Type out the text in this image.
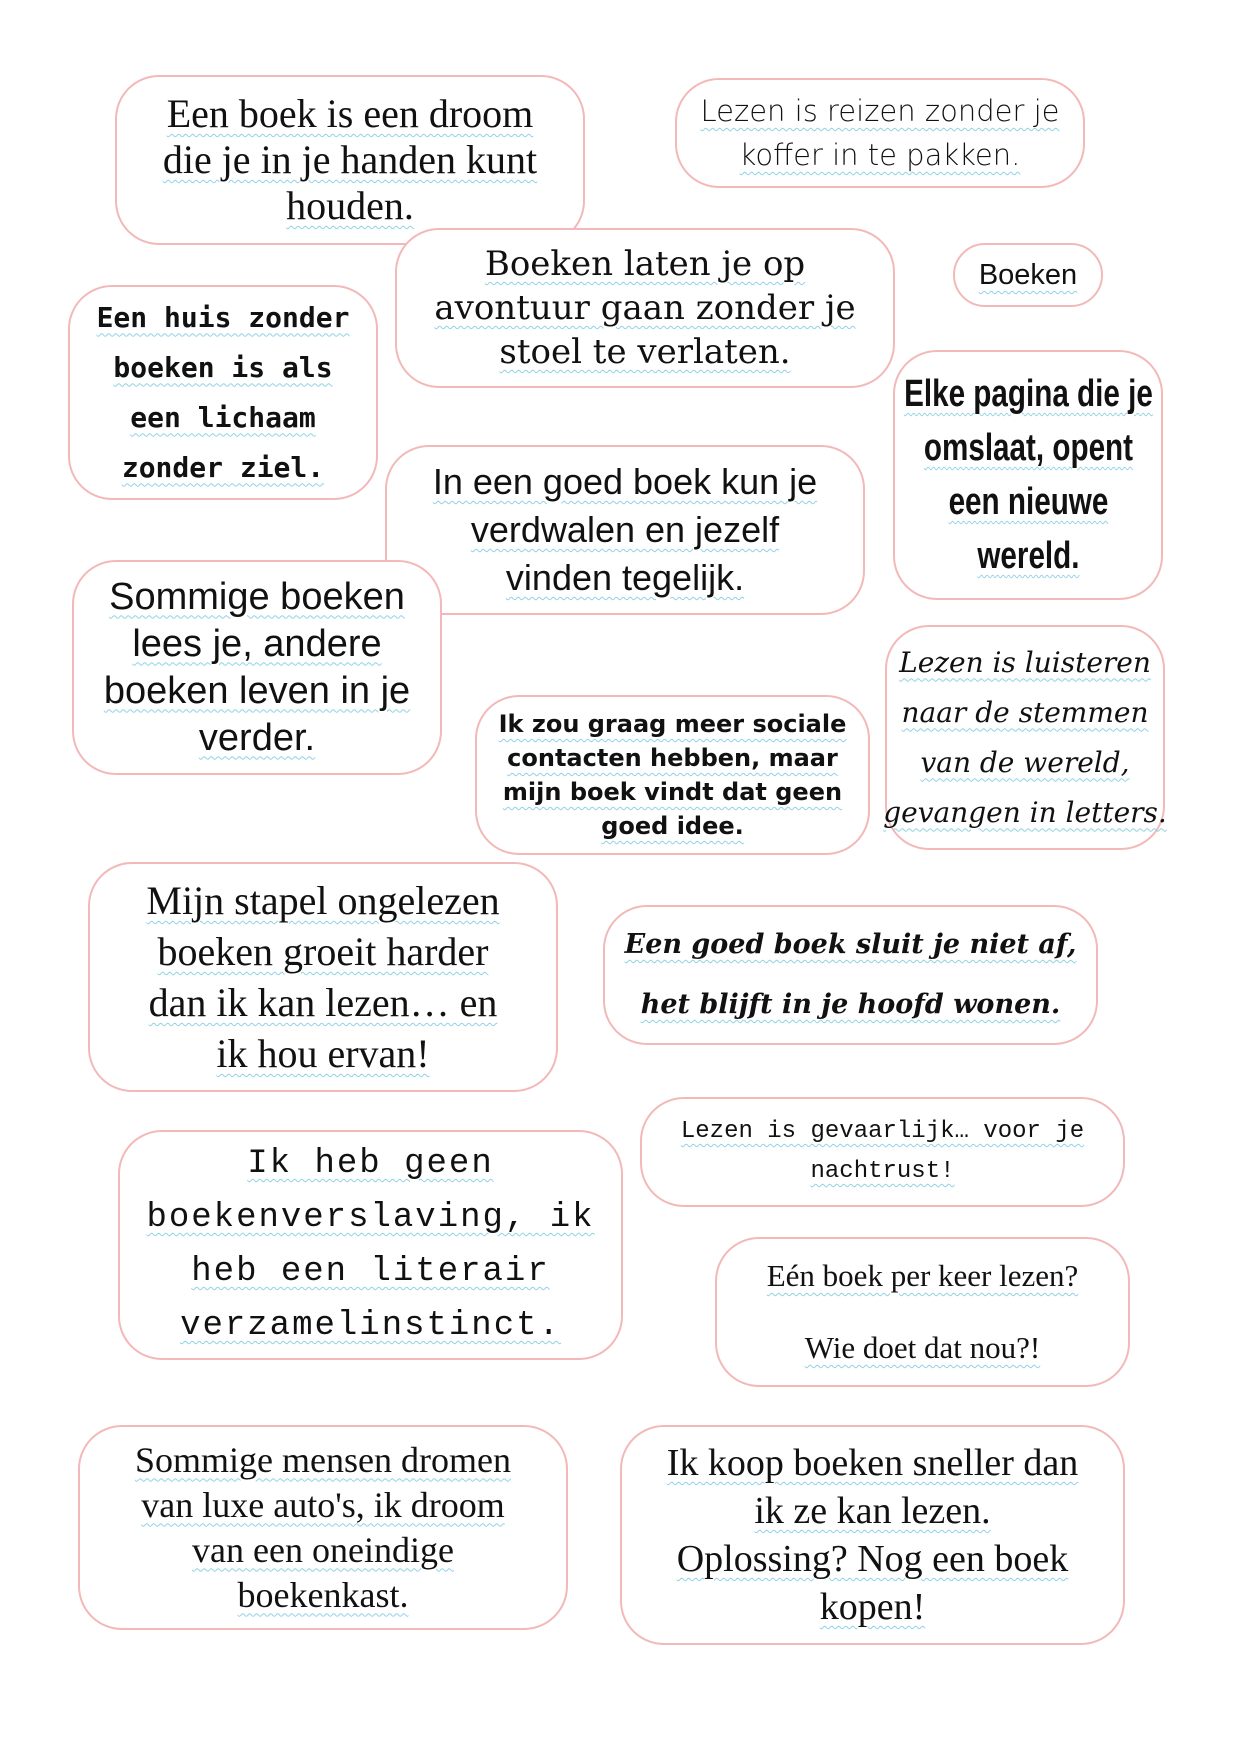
Een boek is een droom
die je in je handen kunt
houden.
Lezen is reizen zonder je
koffer in te pakken.
Boeken laten je op
avontuur gaan zonder je
stoel te verlaten.
Boeken
Een huis zonder
boeken is als
een lichaam
zonder ziel.
Elke pagina die je
omslaat, opent
een nieuwe
wereld.
In een goed boek kun je
verdwalen en jezelf
vinden tegelijk.
Sommige boeken
lees je, andere
boeken leven in je
verder.
Lezen is luisteren
naar de stemmen
van de wereld,
gevangen in letters.
Ik zou graag meer sociale
contacten hebben, maar
mijn boek vindt dat geen
goed idee.
Mijn stapel ongelezen
boeken groeit harder
dan ik kan lezen… en
ik hou ervan!
Een goed boek sluit je niet af,
het blijft in je hoofd wonen.
Lezen is gevaarlijk… voor je
nachtrust!
Ik heb geen
boekenverslaving, ik
heb een literair
verzamelinstinct.
Eén boek per keer lezen?
Wie doet dat nou?!
Sommige mensen dromen
van luxe auto's, ik droom
van een oneindige
boekenkast.
Ik koop boeken sneller dan
ik ze kan lezen.
Oplossing? Nog een boek
kopen!
